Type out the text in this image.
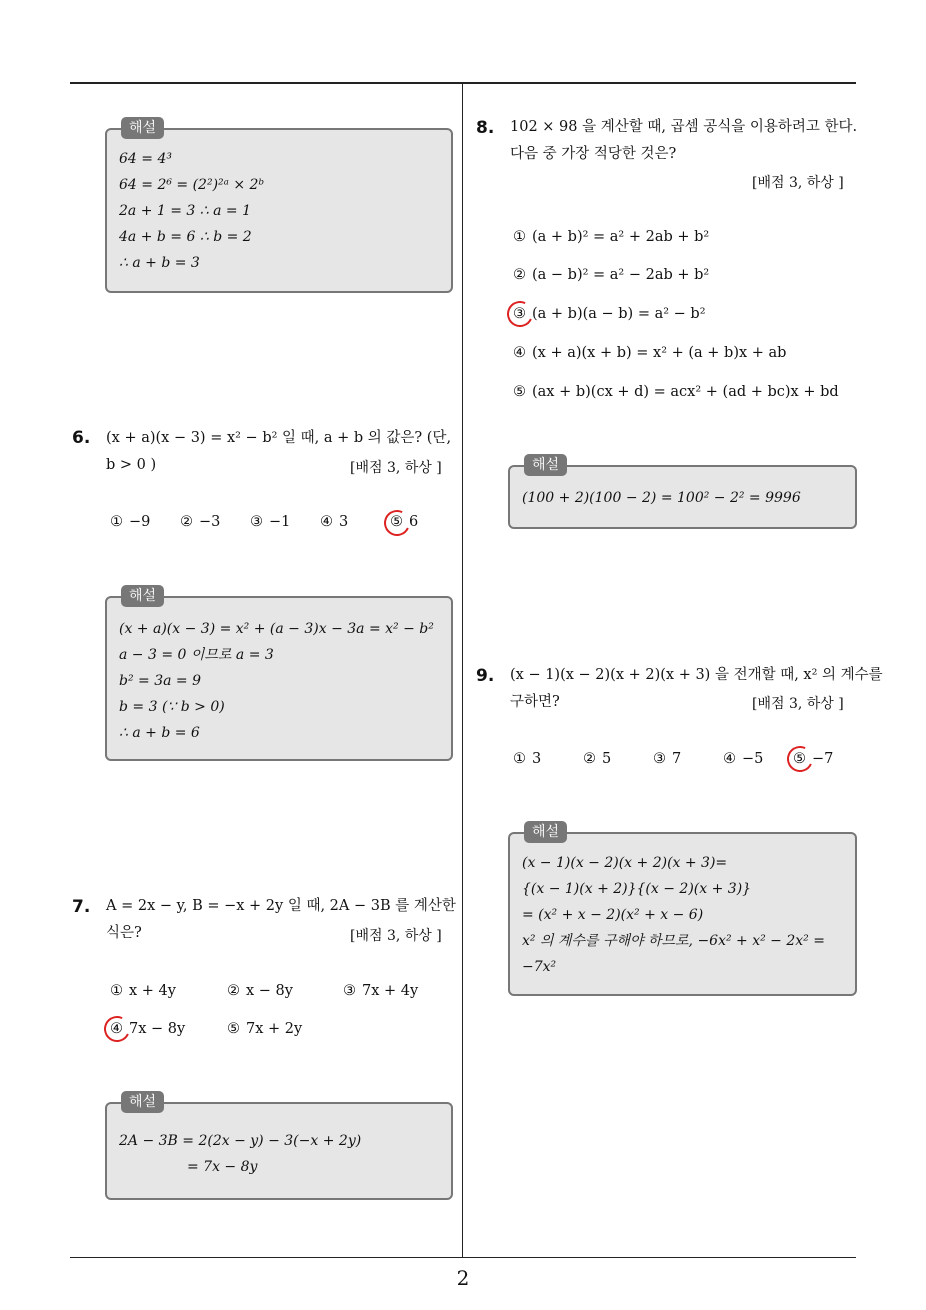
해설
64 = 4³
64 = 2⁶ = (2²)²ᵃ × 2ᵇ
2a + 1 = 3 ∴ a = 1
4a + b = 6 ∴ b = 2
∴ a + b = 3
6. (x + a)(x − 3) = x² − b² 일 때, a + b 의 값은? (단,
b > 0 )	[배점 3, 하상 ]
① −9 ② −3 ③ −1 ④ 3	⑤ 6
해설
(x + a)(x − 3) = x² + (a − 3)x − 3a = x² − b²
a − 3 = 0 이므로 a = 3
b² = 3a = 9
b = 3 (∵ b > 0)
∴ a + b = 6
7. A = 2x − y, B = −x + 2y 일 때, 2A − 3B 를 계산한
식은?	[배점 3, 하상 ]
① x + 4y	② x − 8y	③ 7x + 4y
④ 7x − 8y	⑤ 7x + 2y
해설
2A − 3B = 2(2x − y) − 3(−x + 2y)
= 7x − 8y
8. 102 × 98 을 계산할 때, 곱셈 공식을 이용하려고 한다.
다음 중 가장 적당한 것은?
[배점 3, 하상 ]
① (a + b)² = a² + 2ab + b²
② (a − b)² = a² − 2ab + b²
③ (a + b)(a − b) = a² − b²
④ (x + a)(x + b) = x² + (a + b)x + ab
⑤ (ax + b)(cx + d) = acx² + (ad + bc)x + bd
해설
(100 + 2)(100 − 2) = 100² − 2² = 9996
9. (x − 1)(x − 2)(x + 2)(x + 3) 을 전개할 때, x² 의 계수를
구하면?	[배점 3, 하상 ]
① 3	② 5	③ 7	④ −5 ⑤ −7
해설
(x − 1)(x − 2)(x + 2)(x + 3)=
{(x − 1)(x + 2)}{(x − 2)(x + 3)}
= (x² + x − 2)(x² + x − 6)
x² 의 계수를 구해야 하므로, −6x² + x² − 2x² =
−7x²
2
